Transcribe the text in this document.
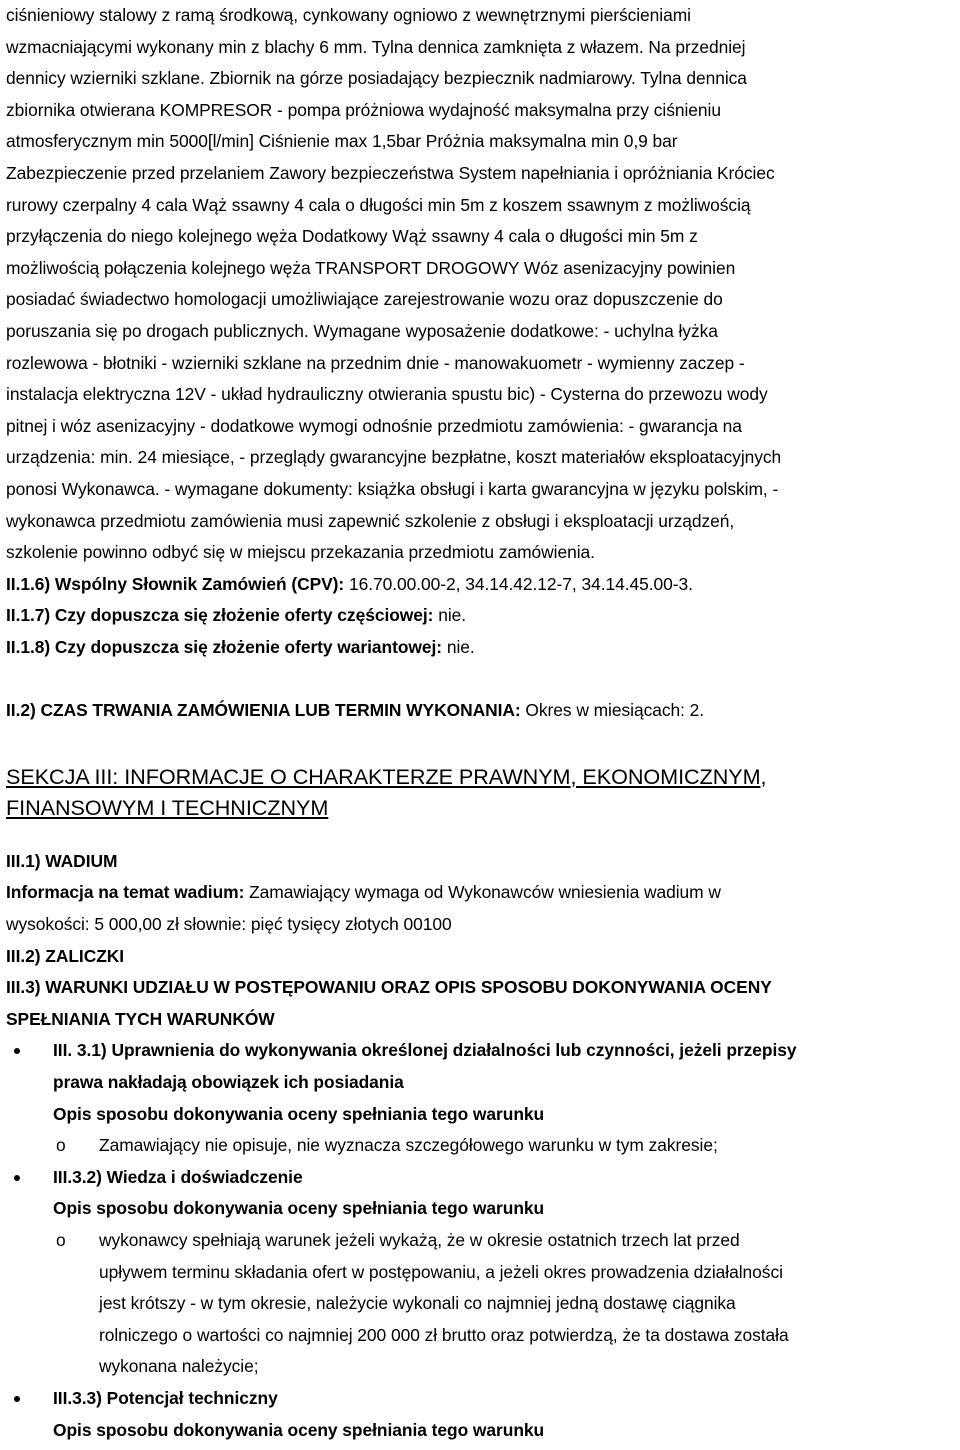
ciśnieniowy stalowy z ramą środkową, cynkowany ogniowo z wewnętrznymi pierścieniami

wzmacniającymi wykonany min z blachy 6 mm. Tylna dennica zamknięta z włazem. Na przedniej

dennicy wzierniki szklane. Zbiornik na górze posiadający bezpiecznik nadmiarowy. Tylna dennica

zbiornika otwierana KOMPRESOR - pompa próżniowa wydajność maksymalna przy ciśnieniu

atmosferycznym min 5000[l/min] Ciśnienie max 1,5bar Próżnia maksymalna min 0,9 bar

Zabezpieczenie przed przelaniem Zawory bezpieczeństwa System napełniania i opróżniania Króciec

rurowy czerpalny 4 cala Wąż ssawny 4 cala o długości min 5m z koszem ssawnym z możliwością

przyłączenia do niego kolejnego węża Dodatkowy Wąż ssawny 4 cala o długości min 5m z

możliwością połączenia kolejnego węża TRANSPORT DROGOWY Wóz asenizacyjny powinien

posiadać świadectwo homologacji umożliwiające zarejestrowanie wozu oraz dopuszczenie do

poruszania się po drogach publicznych. Wymagane wyposażenie dodatkowe: - uchylna łyżka

rozlewowa - błotniki - wzierniki szklane na przednim dnie - manowakuometr - wymienny zaczep -

instalacja elektryczna 12V - układ hydrauliczny otwierania spustu bic) - Cysterna do przewozu wody

pitnej i wóz asenizacyjny - dodatkowe wymogi odnośnie przedmiotu zamówienia: - gwarancja na

urządzenia: min. 24 miesiące, - przeglądy gwarancyjne bezpłatne, koszt materiałów eksploatacyjnych

ponosi Wykonawca. - wymagane dokumenty: książka obsługi i karta gwarancyjna w języku polskim, -

wykonawca przedmiotu zamówienia musi zapewnić szkolenie z obsługi i eksploatacji urządzeń,

szkolenie powinno odbyć się w miejscu przekazania przedmiotu zamówienia.

II.1.6) Wspólny Słownik Zamówień (CPV): 16.70.00.00-2, 34.14.42.12-7, 34.14.45.00-3.

II.1.7) Czy dopuszcza się złożenie oferty częściowej: nie.

II.1.8) Czy dopuszcza się złożenie oferty wariantowej: nie.

II.2) CZAS TRWANIA ZAMÓWIENIA LUB TERMIN WYKONANIA: Okres w miesiącach: 2.

SEKCJA III: INFORMACJE O CHARAKTERZE PRAWNYM, EKONOMICZNYM,

FINANSOWYM I TECHNICZNYM

III.1) WADIUM

Informacja na temat wadium: Zamawiający wymaga od Wykonawców wniesienia wadium w

wysokości: 5 000,00 zł słownie: pięć tysięcy złotych 00100

III.2) ZALICZKI

III.3) WARUNKI UDZIAŁU W POSTĘPOWANIU ORAZ OPIS SPOSOBU DOKONYWANIA OCENY

SPEŁNIANIA TYCH WARUNKÓW

III. 3.1) Uprawnienia do wykonywania określonej działalności lub czynności, jeżeli przepisy

prawa nakładają obowiązek ich posiadania

Opis sposobu dokonywania oceny spełniania tego warunku

o Zamawiający nie opisuje, nie wyznacza szczegółowego warunku w tym zakresie;

III.3.2) Wiedza i doświadczenie

Opis sposobu dokonywania oceny spełniania tego warunku

o wykonawcy spełniają warunek jeżeli wykażą, że w okresie ostatnich trzech lat przed

upływem terminu składania ofert w postępowaniu, a jeżeli okres prowadzenia działalności

jest krótszy - w tym okresie, należycie wykonali co najmniej jedną dostawę ciągnika

rolniczego o wartości co najmniej 200 000 zł brutto oraz potwierdzą, że ta dostawa została

wykonana należycie;

III.3.3) Potencjał techniczny

Opis sposobu dokonywania oceny spełniania tego warunku
